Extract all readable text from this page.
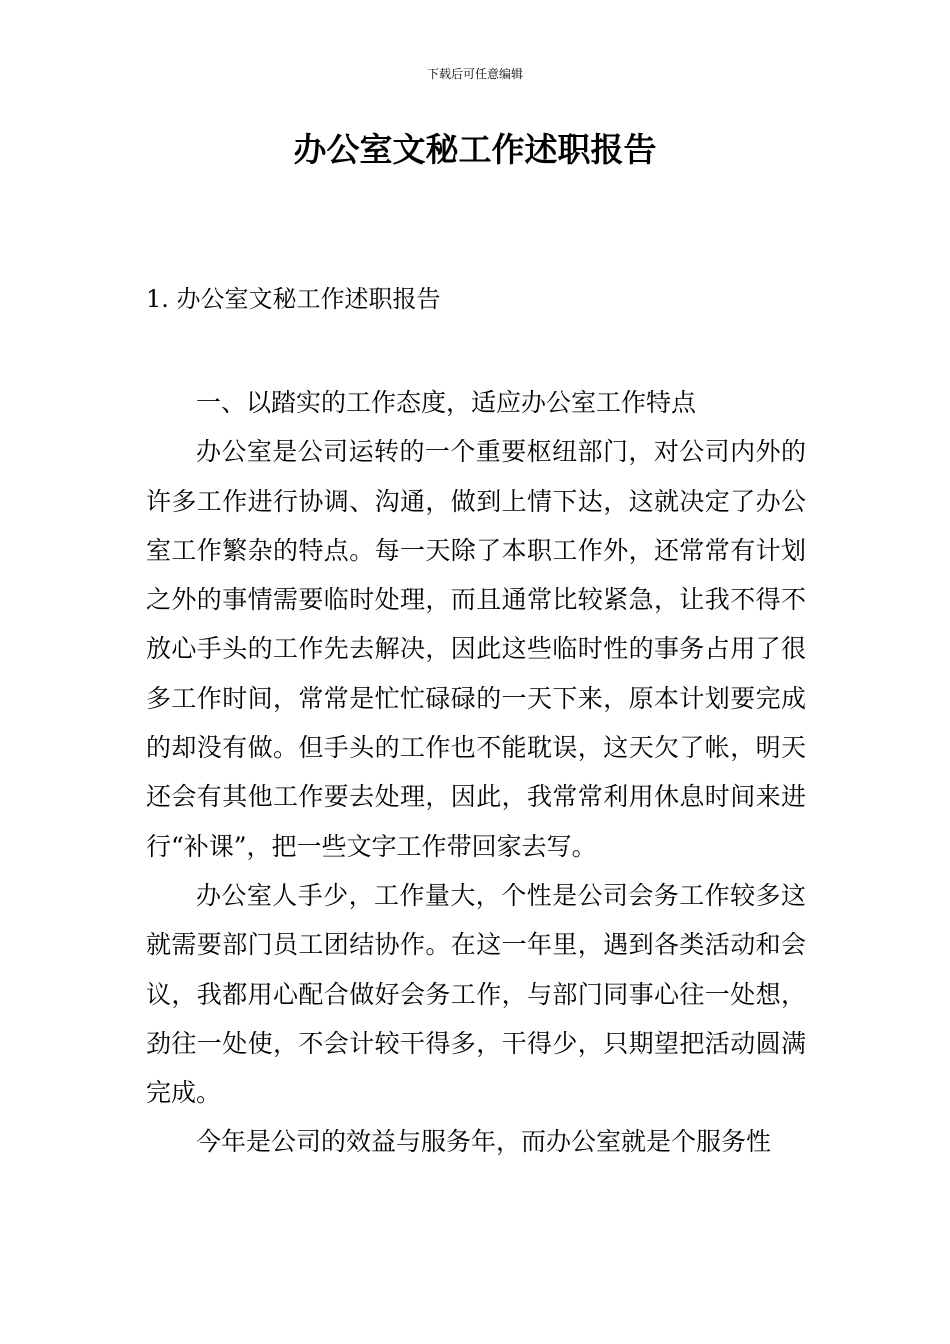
下载后可任意编辑
办公室文秘工作述职报告
1. 办公室文秘工作述职报告

一、以踏实的工作态度，适应办公室工作特点

办公室是公司运转的一个重要枢纽部门，对公司内外的许多工作进行协调、沟通，做到上情下达，这就决定了办公室工作繁杂的特点。每一天除了本职工作外，还常常有计划之外的事情需要临时处理，而且通常比较紧急，让我不得不放心手头的工作先去解决，因此这些临时性的事务占用了很多工作时间，常常是忙忙碌碌的一天下来，原本计划要完成的却没有做。但手头的工作也不能耽误，这天欠了帐，明天还会有其他工作要去处理，因此，我常常利用休息时间来进行“补课”，把一些文字工作带回家去写。

办公室人手少，工作量大，个性是公司会务工作较多这就需要部门员工团结协作。在这一年里，遇到各类活动和会议，我都用心配合做好会务工作，与部门同事心往一处想，劲往一处使，不会计较干得多，干得少，只期望把活动圆满完成。

今年是公司的效益与服务年，而办公室就是个服务性
